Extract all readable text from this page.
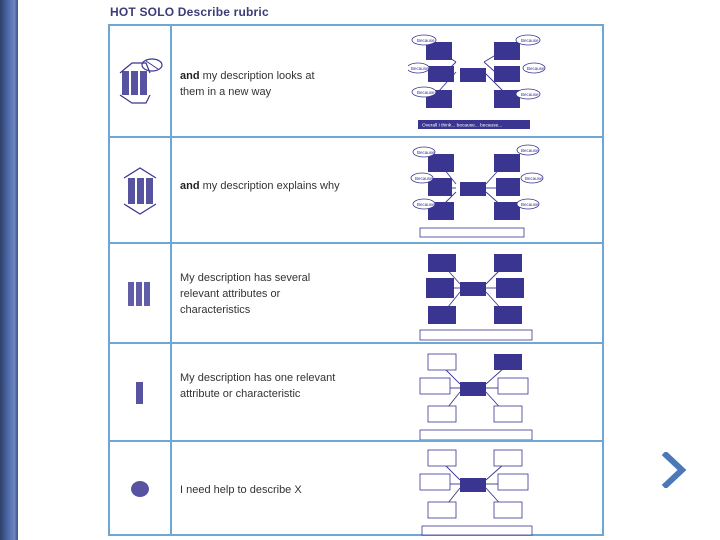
HOT SOLO Describe rubric
and my description looks at them in a new way
Because	Because
Because	Because
Because	Because
Overall I think... because... because...
and my description explains why
Because	Because
Because	Because
Because	Because
My description has several relevant attributes or characteristics
My description has one relevant attribute or characteristic
I need help to describe X
